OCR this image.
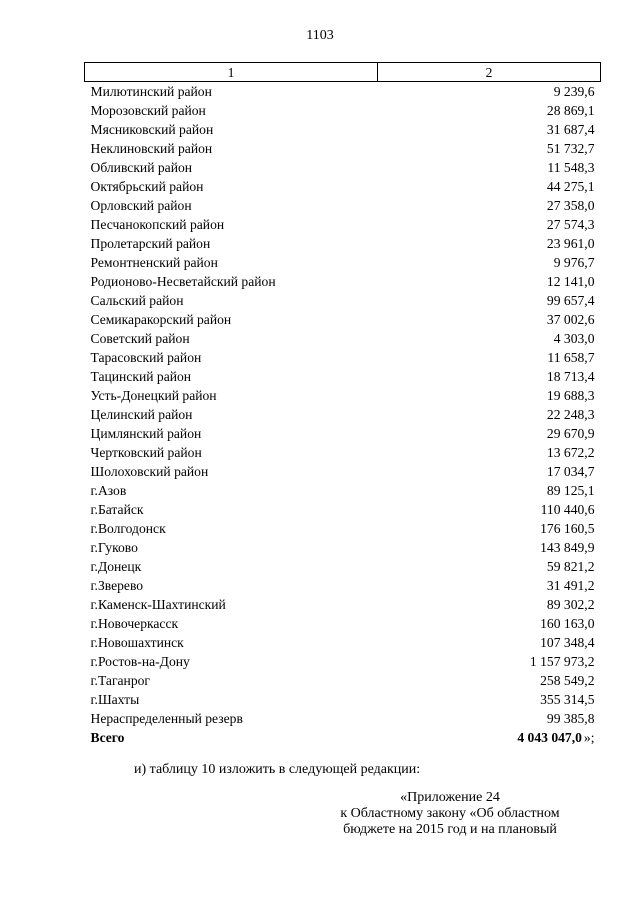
1103
1	2
Милютинский район	9 239,6
Морозовский район	28 869,1
Мясниковский район	31 687,4
Неклиновский район	51 732,7
Обливский район	11 548,3
Октябрьский район	44 275,1
Орловский район	27 358,0
Песчанокопский район	27 574,3
Пролетарский район	23 961,0
Ремонтненский район	9 976,7
Родионово-Несветайский район	12 141,0
Сальский район	99 657,4
Семикаракорский район	37 002,6
Советский район	4 303,0
Тарасовский район	11 658,7
Тацинский район	18 713,4
Усть-Донецкий район	19 688,3
Целинский район	22 248,3
Цимлянский район	29 670,9
Чертковский район	13 672,2
Шолоховский район	17 034,7
г.Азов	89 125,1
г.Батайск	110 440,6
г.Волгодонск	176 160,5
г.Гуково	143 849,9
г.Донецк	59 821,2
г.Зверево	31 491,2
г.Каменск-Шахтинский	89 302,2
г.Новочеркасск	160 163,0
г.Новошахтинск	107 348,4
г.Ростов-на-Дону	1 157 973,2
г.Таганрог	258 549,2
г.Шахты	355 314,5
Нераспределенный резерв	99 385,8
Всего	4 043 047,0 »;
и) таблицу 10 изложить в следующей редакции:
«Приложение 24
к Областному закону «Об областном
бюджете на 2015 год и на плановый
